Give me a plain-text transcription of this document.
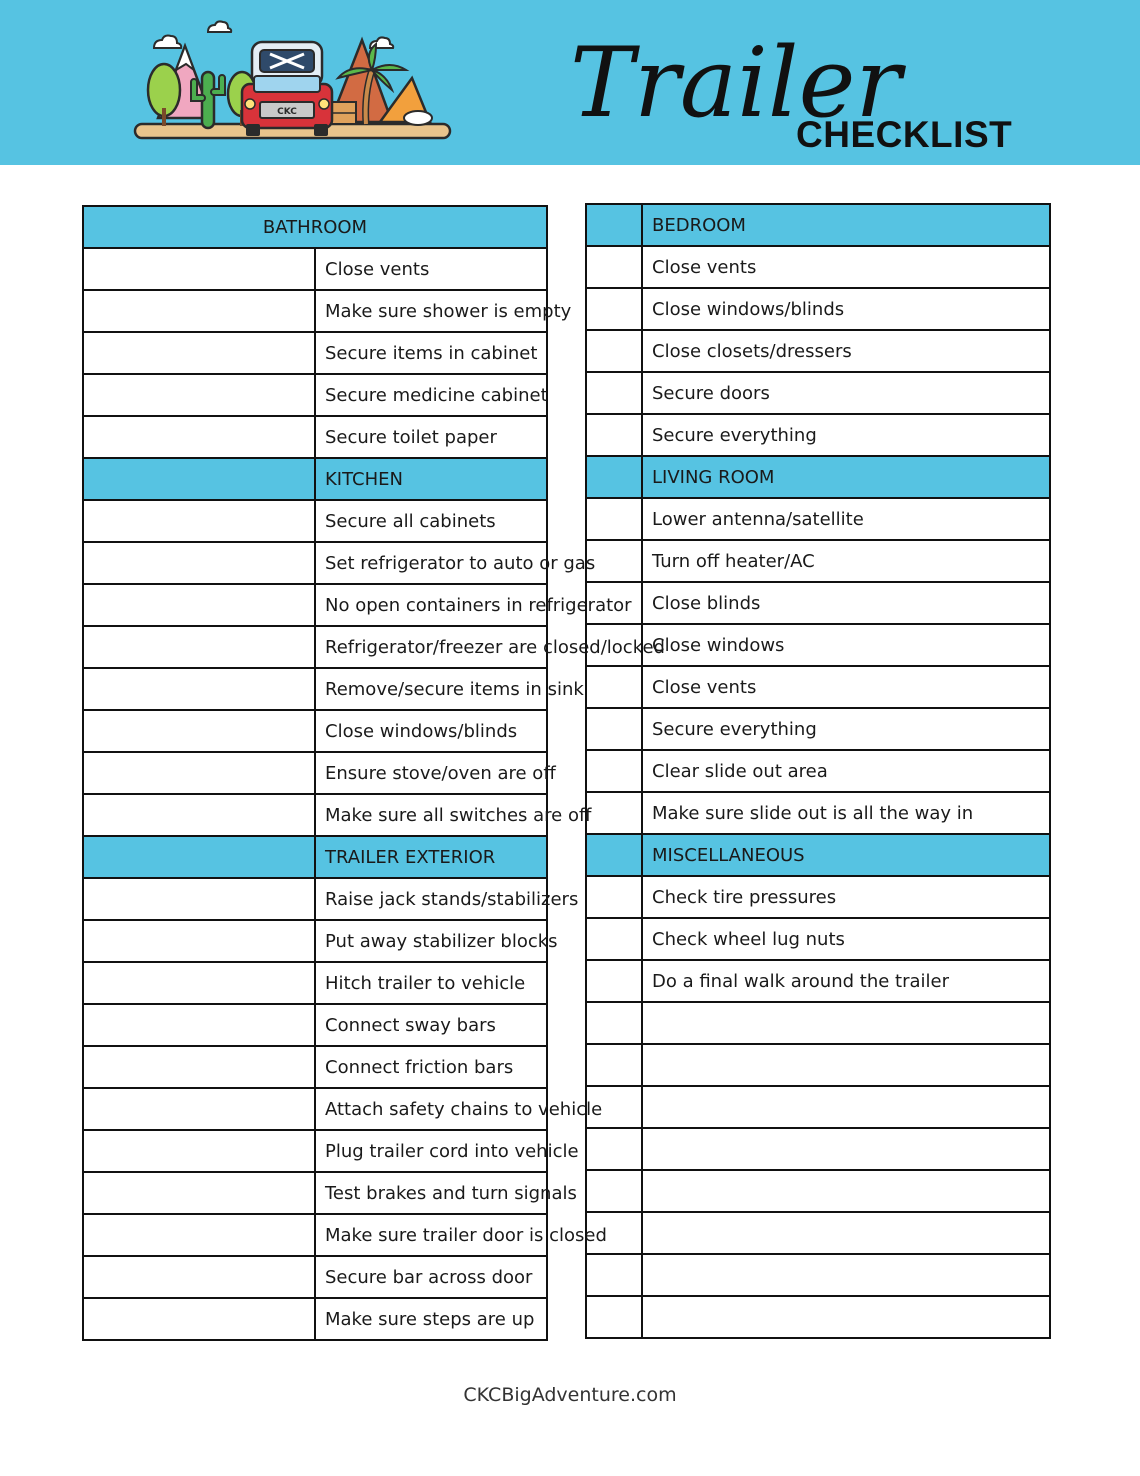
CKC	Trailer
CHECKLIST
BATHROOM	
	Close vents
	Make sure shower is empty
	Secure items in cabinet
	Secure medicine cabinet
	Secure toilet paper
	KITCHEN
	Secure all cabinets
	Set refrigerator to auto or gas
	No open containers in refrigerator
	Refrigerator/freezer are closed/locked
	Remove/secure items in sink
	Close windows/blinds
	Ensure stove/oven are off
	Make sure all switches are off
	TRAILER EXTERIOR
	Raise jack stands/stabilizers
	Put away stabilizer blocks
	Hitch trailer to vehicle
	Connect sway bars
	Connect friction bars
	Attach safety chains to vehicle
	Plug trailer cord into vehicle
	Test brakes and turn signals
	Make sure trailer door is closed
	Secure bar across door
	Make sure steps are up
	BEDROOM
	Close vents
	Close windows/blinds
	Close closets/dressers
	Secure doors
	Secure everything
	LIVING ROOM
	Lower antenna/satellite
	Turn off heater/AC
	Close blinds
	Close windows
	Close vents
	Secure everything
	Clear slide out area
	Make sure slide out is all the way in
	MISCELLANEOUS
	Check tire pressures
	Check wheel lug nuts
	Do a final walk around the trailer

CKCBigAdventure.com
